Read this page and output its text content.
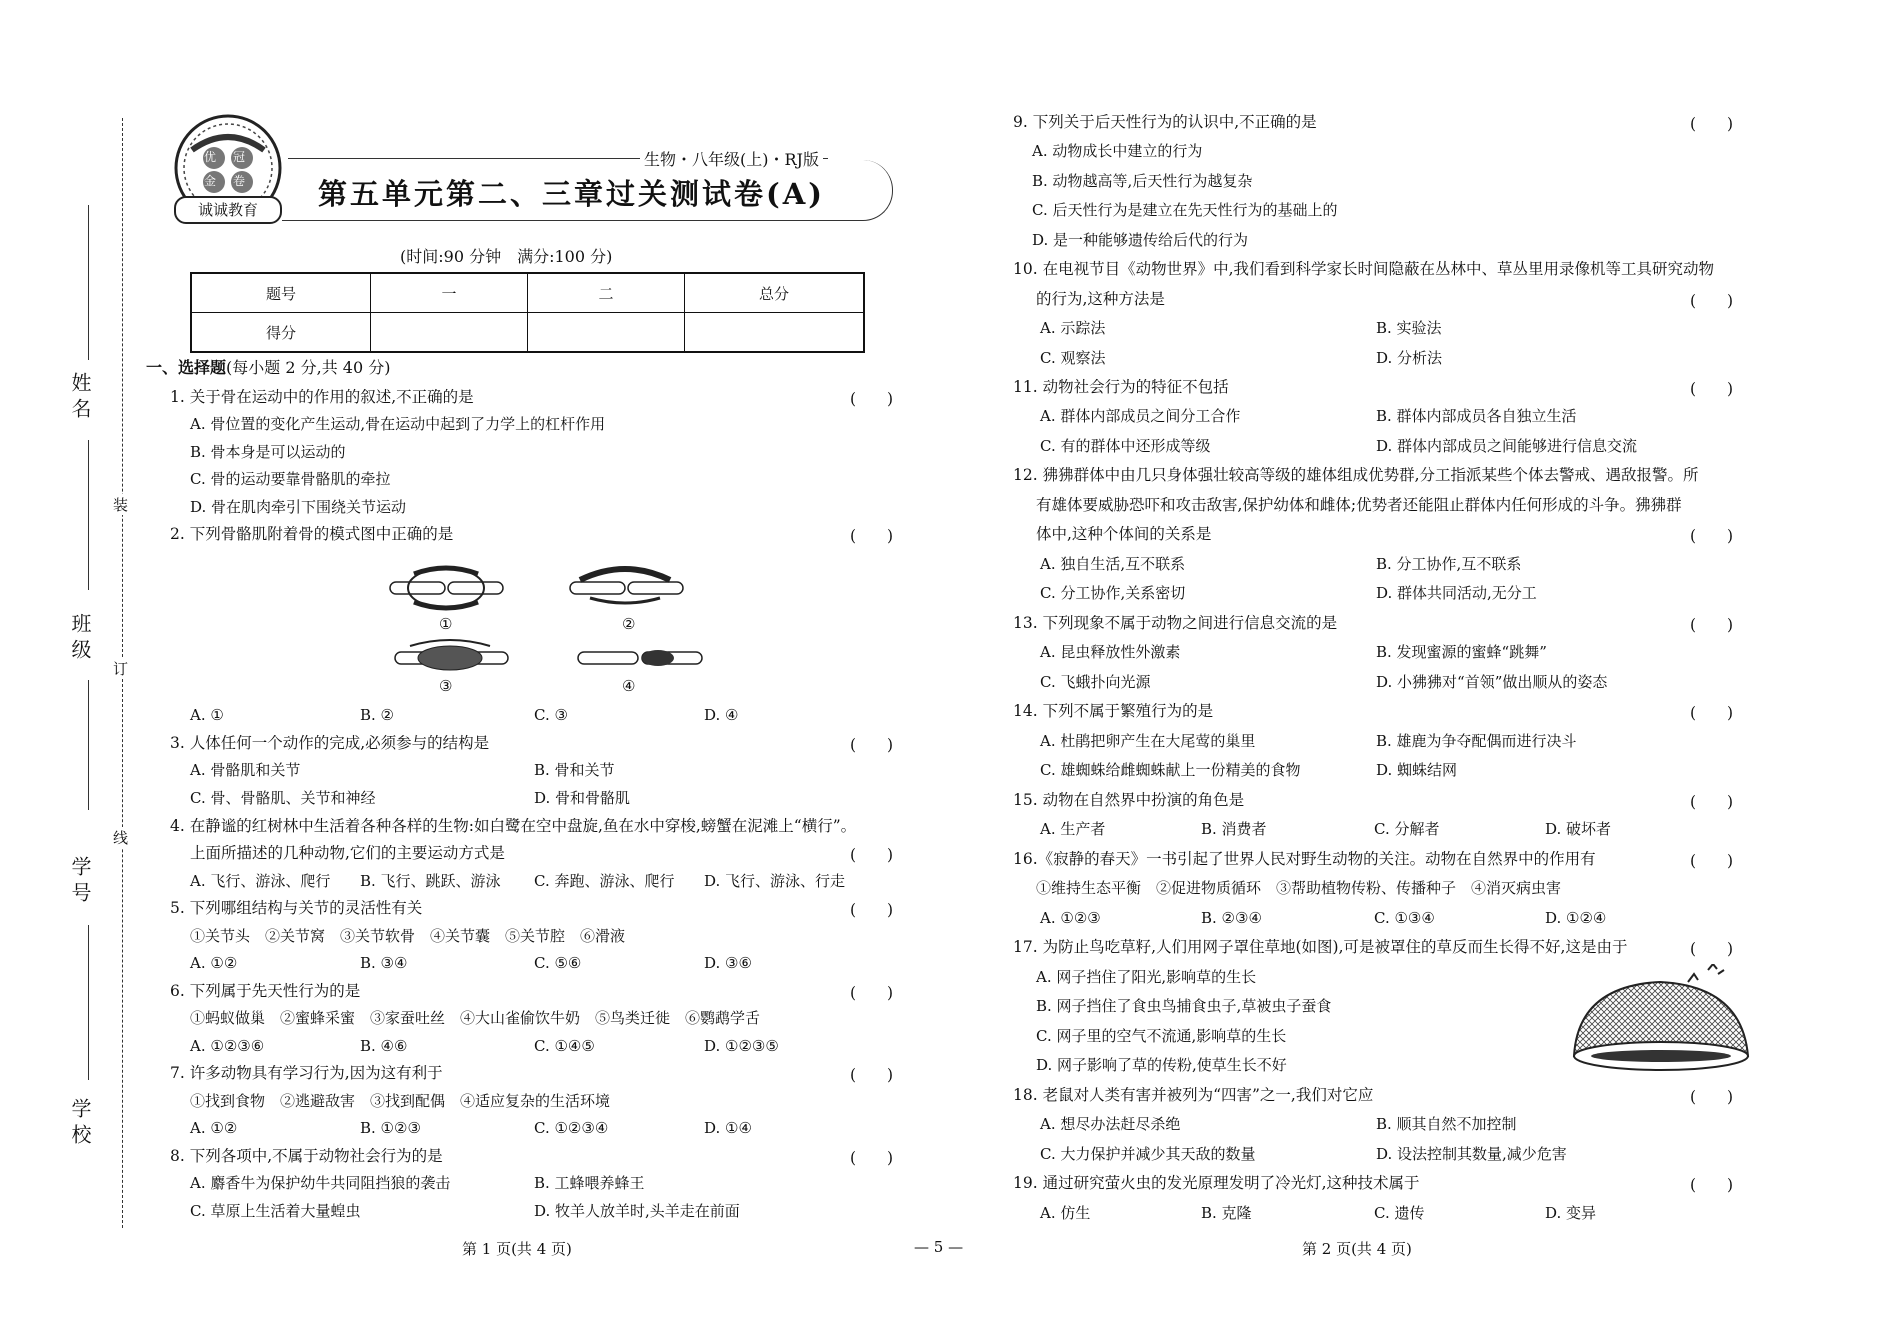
姓名
班级
学号
学校
装
订
线
优 冠
金 卷
诚诚教育
生物・八年级(上)・RJ版
第五单元第二、三章过关测试卷(A)
(时间:90 分钟　满分:100 分)
题号	一	二	总分
得分			
一、选择题(每小题 2 分,共 40 分)
1. 关于骨在运动中的作用的叙述,不正确的是	(　　)
A. 骨位置的变化产生运动,骨在运动中起到了力学上的杠杆作用
B. 骨本身是可以运动的
C. 骨的运动要靠骨骼肌的牵拉
D. 骨在肌肉牵引下围绕关节运动
2. 下列骨骼肌附着骨的模式图中正确的是	(　　)
①	②
③	④
A. ①	B. ②	C. ③	D. ④
3. 人体任何一个动作的完成,必须参与的结构是	(　　)
A. 骨骼肌和关节	B. 骨和关节
C. 骨、骨骼肌、关节和神经	D. 骨和骨骼肌
4. 在静谧的红树林中生活着各种各样的生物:如白鹭在空中盘旋,鱼在水中穿梭,螃蟹在泥滩上“横行”。
上面所描述的几种动物,它们的主要运动方式是	(　　)
A. 飞行、游泳、爬行 B. 飞行、跳跃、游泳 C. 奔跑、游泳、爬行 D. 飞行、游泳、行走
5. 下列哪组结构与关节的灵活性有关	(　　)
①关节头　②关节窝　③关节软骨　④关节囊　⑤关节腔　⑥滑液
A. ①②	B. ③④	C. ⑤⑥	D. ③⑥
6. 下列属于先天性行为的是	(　　)
①蚂蚁做巢　②蜜蜂采蜜　③家蚕吐丝　④大山雀偷饮牛奶　⑤鸟类迁徙　⑥鹦鹉学舌
A. ①②③⑥	B. ④⑥	C. ①④⑤	D. ①②③⑤
7. 许多动物具有学习行为,因为这有利于	(　　)
①找到食物　②逃避敌害　③找到配偶　④适应复杂的生活环境
A. ①②	B. ①②③	C. ①②③④	D. ①④
8. 下列各项中,不属于动物社会行为的是	(　　)
A. 麝香牛为保护幼牛共同阻挡狼的袭击	B. 工蜂喂养蜂王
C. 草原上生活着大量蝗虫	D. 牧羊人放羊时,头羊走在前面
9. 下列关于后天性行为的认识中,不正确的是	(　　)
A. 动物成长中建立的行为
B. 动物越高等,后天性行为越复杂
C. 后天性行为是建立在先天性行为的基础上的
D. 是一种能够遗传给后代的行为
10. 在电视节目《动物世界》中,我们看到科学家长时间隐蔽在丛林中、草丛里用录像机等工具研究动物
的行为,这种方法是	(　　)
A. 示踪法	B. 实验法
C. 观察法	D. 分析法
11. 动物社会行为的特征不包括	(　　)
A. 群体内部成员之间分工合作	B. 群体内部成员各自独立生活
C. 有的群体中还形成等级	D. 群体内部成员之间能够进行信息交流
12. 狒狒群体中由几只身体强壮较高等级的雄体组成优势群,分工指派某些个体去警戒、遇敌报警。所
有雄体要威胁恐吓和攻击敌害,保护幼体和雌体;优势者还能阻止群体内任何形成的斗争。狒狒群
体中,这种个体间的关系是	(　　)
A. 独自生活,互不联系	B. 分工协作,互不联系
C. 分工协作,关系密切	D. 群体共同活动,无分工
13. 下列现象不属于动物之间进行信息交流的是	(　　)
A. 昆虫释放性外激素	B. 发现蜜源的蜜蜂“跳舞”
C. 飞蛾扑向光源	D. 小狒狒对“首领”做出顺从的姿态
14. 下列不属于繁殖行为的是	(　　)
A. 杜鹃把卵产生在大尾莺的巢里	B. 雄鹿为争夺配偶而进行决斗
C. 雄蜘蛛给雌蜘蛛献上一份精美的食物	D. 蜘蛛结网
15. 动物在自然界中扮演的角色是	(　　)
A. 生产者	B. 消费者	C. 分解者	D. 破坏者
16.《寂静的春天》一书引起了世界人民对野生动物的关注。动物在自然界中的作用有	(　　)
①维持生态平衡　②促进物质循环　③帮助植物传粉、传播种子　④消灭病虫害
A. ①②③	B. ②③④	C. ①③④	D. ①②④
17. 为防止鸟吃草籽,人们用网子罩住草地(如图),可是被罩住的草反而生长得不好,这是由于	(　　)
A. 网子挡住了阳光,影响草的生长
B. 网子挡住了食虫鸟捕食虫子,草被虫子蚕食
C. 网子里的空气不流通,影响草的生长
D. 网子影响了草的传粉,使草生长不好
18. 老鼠对人类有害并被列为“四害”之一,我们对它应	(　　)
A. 想尽办法赶尽杀绝	B. 顺其自然不加控制
C. 大力保护并减少其天敌的数量	D. 设法控制其数量,减少危害
19. 通过研究萤火虫的发光原理发明了冷光灯,这种技术属于	(　　)
A. 仿生	B. 克隆	C. 遗传	D. 变异
第 1 页(共 4 页)	— 5 —	第 2 页(共 4 页)
